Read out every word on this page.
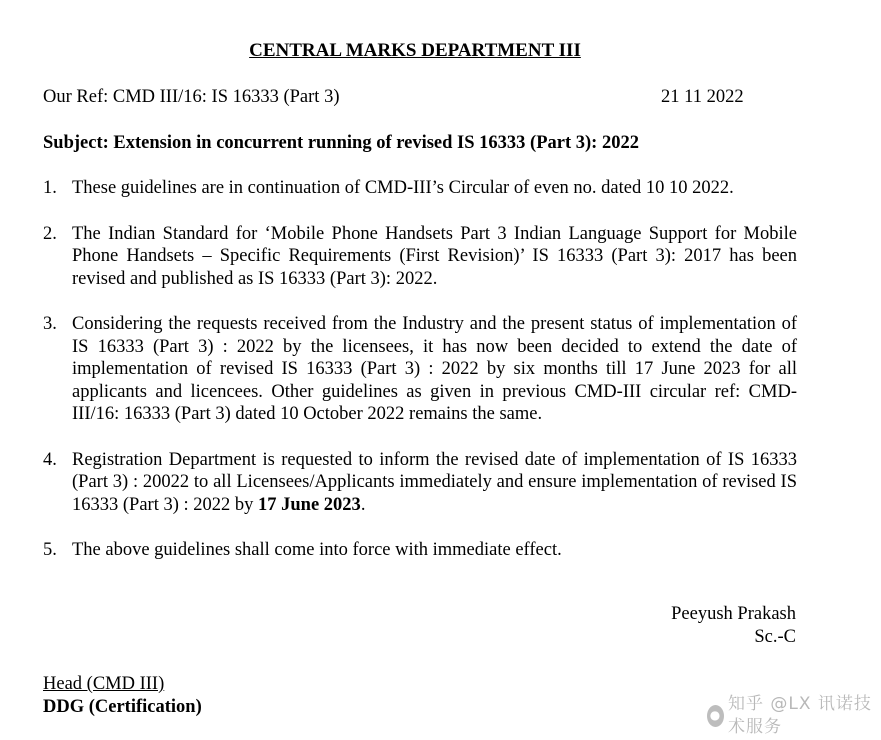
CENTRAL MARKS DEPARTMENT III
Our Ref: CMD III/16: IS 16333 (Part 3)	21 11 2022
Subject: Extension in concurrent running of revised IS 16333 (Part 3): 2022
1. These guidelines are in continuation of CMD-III’s Circular of even no. dated 10 10 2022.
2. The Indian Standard for ‘Mobile Phone Handsets Part 3 Indian Language Support for Mobile Phone Handsets – Specific Requirements (First Revision)’ IS 16333 (Part 3): 2017 has been revised and published as IS 16333 (Part 3): 2022.
3. Considering the requests received from the Industry and the present status of implementation of IS 16333 (Part 3) : 2022 by the licensees, it has now been decided to extend the date of implementation of revised IS 16333 (Part 3) : 2022 by six months till 17 June 2023 for all applicants and licencees. Other guidelines as given in previous CMD-III circular ref: CMD-III/16: 16333 (Part 3) dated 10 October 2022 remains the same.
4. Registration Department is requested to inform the revised date of implementation of IS 16333 (Part 3) : 20022 to all Licensees/Applicants immediately and ensure implementation of revised IS 16333 (Part 3) : 2022 by 17 June 2023.
5. The above guidelines shall come into force with immediate effect.
Peeyush Prakash
Sc.-C
Head (CMD III)
DDG (Certification)	●
知乎 @LX 讯诺技术服务
